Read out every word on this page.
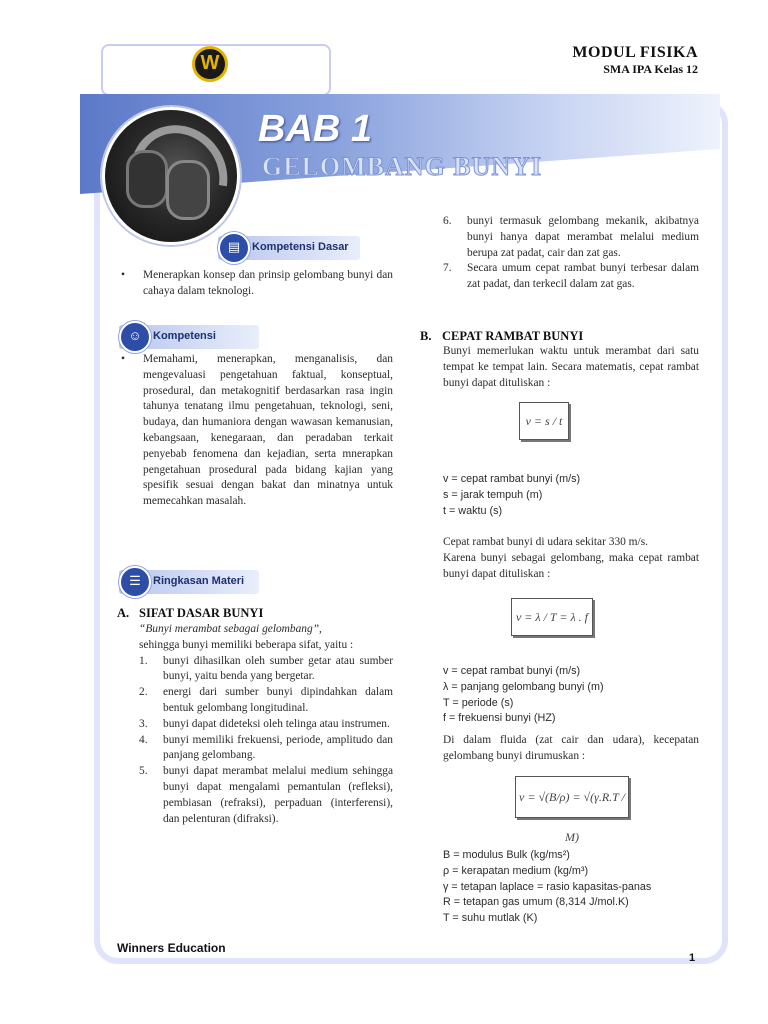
W	MODUL FISIKA
SMA IPA Kelas 12
BAB 1
GELOMBANG BUNYI
▤	Kompetensi Dasar
• Menerapkan konsep dan prinsip gelombang bunyi dan cahaya dalam teknologi.
☺	Kompetensi
• Memahami, menerapkan, menganalisis, dan mengevaluasi pengetahuan faktual, konseptual, prosedural, dan metakognitif berdasarkan rasa ingin tahunya tenatang ilmu pengetahuan, teknologi, seni, budaya, dan humaniora dengan wawasan kemanusian, kebangsaan, kenegaraan, dan peradaban terkait penyebab fenomena dan kejadian, serta mnerapkan pengetahuan prosedural pada bidang kajian yang spesifik sesuai dengan bakat dan minatnya untuk memecahkan masalah.
☰	Ringkasan Materi
A. SIFAT DASAR BUNYI
“Bunyi merambat sebagai gelombang”,
sehingga bunyi memiliki beberapa sifat, yaitu :
1. bunyi dihasilkan oleh sumber getar atau sumber bunyi, yaitu benda yang bergetar.
2. energi dari sumber bunyi dipindahkan dalam bentuk gelombang longitudinal.
3. bunyi dapat dideteksi oleh telinga atau instrumen.
4. bunyi memiliki frekuensi, periode, amplitudo dan panjang gelombang.
5. bunyi dapat merambat melalui medium sehingga bunyi dapat mengalami pemantulan (refleksi), pembiasan (refraksi), perpaduan (interferensi), dan pelenturan (difraksi).
6. bunyi termasuk gelombang mekanik, akibatnya bunyi hanya dapat merambat melalui medium berupa zat padat, cair dan zat gas.
7. Secara umum cepat rambat bunyi terbesar dalam zat padat, dan terkecil dalam zat gas.
B. CEPAT RAMBAT BUNYI
Bunyi memerlukan waktu untuk merambat dari satu tempat ke tempat lain. Secara matematis, cepat rambat bunyi dapat dituliskan :
v = s / t
v = cepat rambat bunyi (m/s)
s = jarak tempuh (m)
t = waktu (s)
Cepat rambat bunyi di udara sekitar 330 m/s.
Karena bunyi sebagai gelombang, maka cepat rambat bunyi dapat dituliskan :
v = λ / T = λ . f
v = cepat rambat bunyi (m/s)
λ = panjang gelombang bunyi (m)
T = periode (s)
f = frekuensi bunyi (HZ)
Di dalam fluida (zat cair dan udara), kecepatan gelombang bunyi dirumuskan :
v = √(B/ρ) = √(γ.R.T / M)
B = modulus Bulk (kg/ms²)
ρ = kerapatan medium (kg/m³)
γ = tetapan laplace = rasio kapasitas-panas
R = tetapan gas umum (8,314 J/mol.K)
T = suhu mutlak (K)
Winners Education
1
